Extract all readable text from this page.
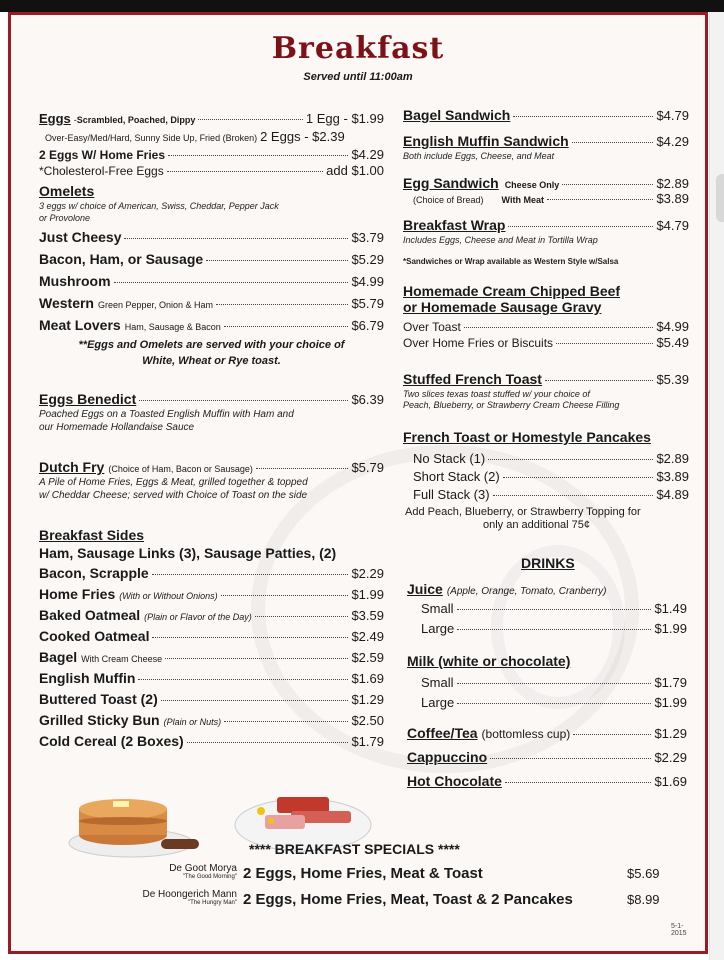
Breakfast
Served until 11:00am
Eggs - Scrambled, Poached, Dippy	1 Egg - $1.99
Over-Easy/Med/Hard, Sunny Side Up, Fried (Broken) 2 Eggs - $2.39
2 Eggs W/ Home Fries	$4.29
*Cholesterol-Free Eggs	add $1.00
Omelets
3 eggs w/ choice of American, Swiss, Cheddar, Pepper Jack
or Provolone
Just Cheesy	$3.79
Bacon, Ham, or Sausage	$5.29
Mushroom	$4.99
Western Green Pepper, Onion & Ham	$5.79
Meat Lovers Ham, Sausage & Bacon	$6.79
**Eggs and Omelets are served with your choice of
White, Wheat or Rye toast.
Eggs Benedict	$6.39
Poached Eggs on a Toasted English Muffin with Ham and
our Homemade Hollandaise Sauce
Dutch Fry (Choice of Ham, Bacon or Sausage)	$5.79
A Pile of Home Fries, Eggs & Meat, grilled together & topped
w/ Cheddar Cheese; served with Choice of Toast on the side
Breakfast Sides
Ham, Sausage Links (3), Sausage Patties, (2)
Bacon, Scrapple	$2.29
Home Fries (With or Without Onions)	$1.99
Baked Oatmeal (Plain or Flavor of the Day)	$3.59
Cooked Oatmeal	$2.49
Bagel With Cream Cheese	$2.59
English Muffin	$1.69
Buttered Toast (2)	$1.29
Grilled Sticky Bun (Plain or Nuts)	$2.50
Cold Cereal (2 Boxes)	$1.79
Bagel Sandwich	$4.79
English Muffin Sandwich	$4.29
Both include Eggs, Cheese, and Meat
Egg Sandwich Cheese Only	$2.89
(Choice of Bread) With Meat	$3.89
Breakfast Wrap	$4.79
Includes Eggs, Cheese and Meat in Tortilla Wrap
*Sandwiches or Wrap available as Western Style w/Salsa
Homemade Cream Chipped Beef
or Homemade Sausage Gravy
Over Toast	$4.99
Over Home Fries or Biscuits	$5.49
Stuffed French Toast	$5.39
Two slices texas toast stuffed w/ your choice of
Peach, Blueberry, or Strawberry Cream Cheese Filling
French Toast or Homestyle Pancakes
No Stack (1)	$2.89
Short Stack (2)	$3.89
Full Stack (3)	$4.89
Add Peach, Blueberry, or Strawberry Topping for
only an additional 75¢
DRINKS
Juice (Apple, Orange, Tomato, Cranberry)
Small	$1.49
Large	$1.99
Milk (white or chocolate)
Small	$1.79
Large	$1.99
Coffee/Tea (bottomless cup)	$1.29
Cappuccino	$2.29
Hot Chocolate	$1.69
**** BREAKFAST SPECIALS ****
De Goot Morya
"The Good Morning" 2 Eggs, Home Fries, Meat & Toast	$5.69
De Hoongerich Mann
"The Hungry Man" 2 Eggs, Home Fries, Meat, Toast & 2 Pancakes	$8.99
5-1-2015
